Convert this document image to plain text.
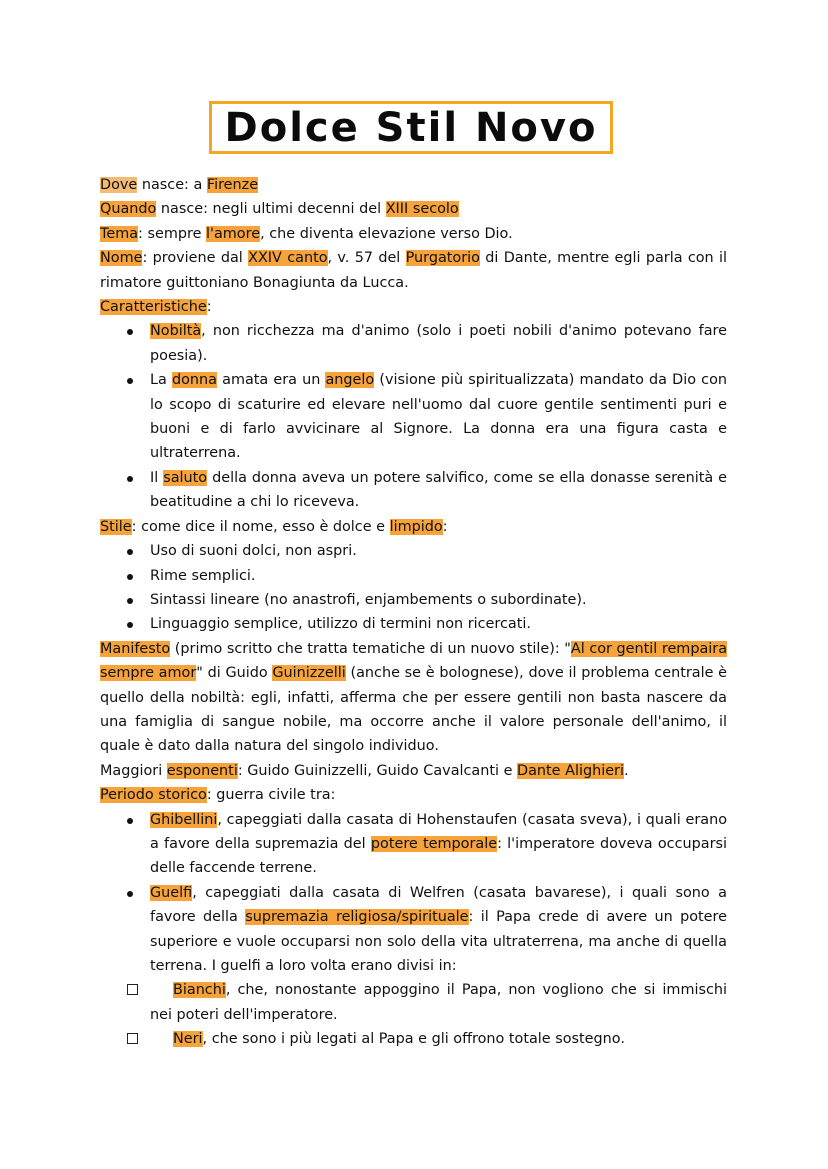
Dolce Stil Novo

Dove nasce: a Firenze

Quando nasce: negli ultimi decenni del XIII secolo

Tema: sempre l'amore, che diventa elevazione verso Dio.

Nome: proviene dal XXIV canto, v. 57 del Purgatorio di Dante, mentre egli parla con il rimatore guittoniano Bonagiunta da Lucca.

Caratteristiche:

Nobiltà, non ricchezza ma d'animo (solo i poeti nobili d'animo potevano fare poesia).
La donna amata era un angelo (visione più spiritualizzata) mandato da Dio con lo scopo di scaturire ed elevare nell'uomo dal cuore gentile sentimenti puri e buoni e di farlo avvicinare al Signore. La donna era una figura casta e ultraterrena.
Il saluto della donna aveva un potere salvifico, come se ella donasse serenità e beatitudine a chi lo riceveva.

Stile: come dice il nome, esso è dolce e limpido:

Uso di suoni dolci, non aspri.
Rime semplici.
Sintassi lineare (no anastrofi, enjambements o subordinate).
Linguaggio semplice, utilizzo di termini non ricercati.

Manifesto (primo scritto che tratta tematiche di un nuovo stile): "Al cor gentil rempaira sempre amor" di Guido Guinizzelli (anche se è bolognese), dove il problema centrale è quello della nobiltà: egli, infatti, afferma che per essere gentili non basta nascere da una famiglia di sangue nobile, ma occorre anche il valore personale dell'animo, il quale è dato dalla natura del singolo individuo.

Maggiori esponenti: Guido Guinizzelli, Guido Cavalcanti e Dante Alighieri.

Periodo storico: guerra civile tra:

Ghibellini, capeggiati dalla casata di Hohenstaufen (casata sveva), i quali erano a favore della supremazia del potere temporale: l'imperatore doveva occuparsi delle faccende terrene.
Guelfi, capeggiati dalla casata di Welfren (casata bavarese), i quali sono a favore della supremazia religiosa/spirituale: il Papa crede di avere un potere superiore e vuole occuparsi non solo della vita ultraterrena, ma anche di quella terrena. I guelfi a loro volta erano divisi in:
Bianchi, che, nonostante appoggino il Papa, non vogliono che si immischi nei poteri dell'imperatore.
Neri, che sono i più legati al Papa e gli offrono totale sostegno.
